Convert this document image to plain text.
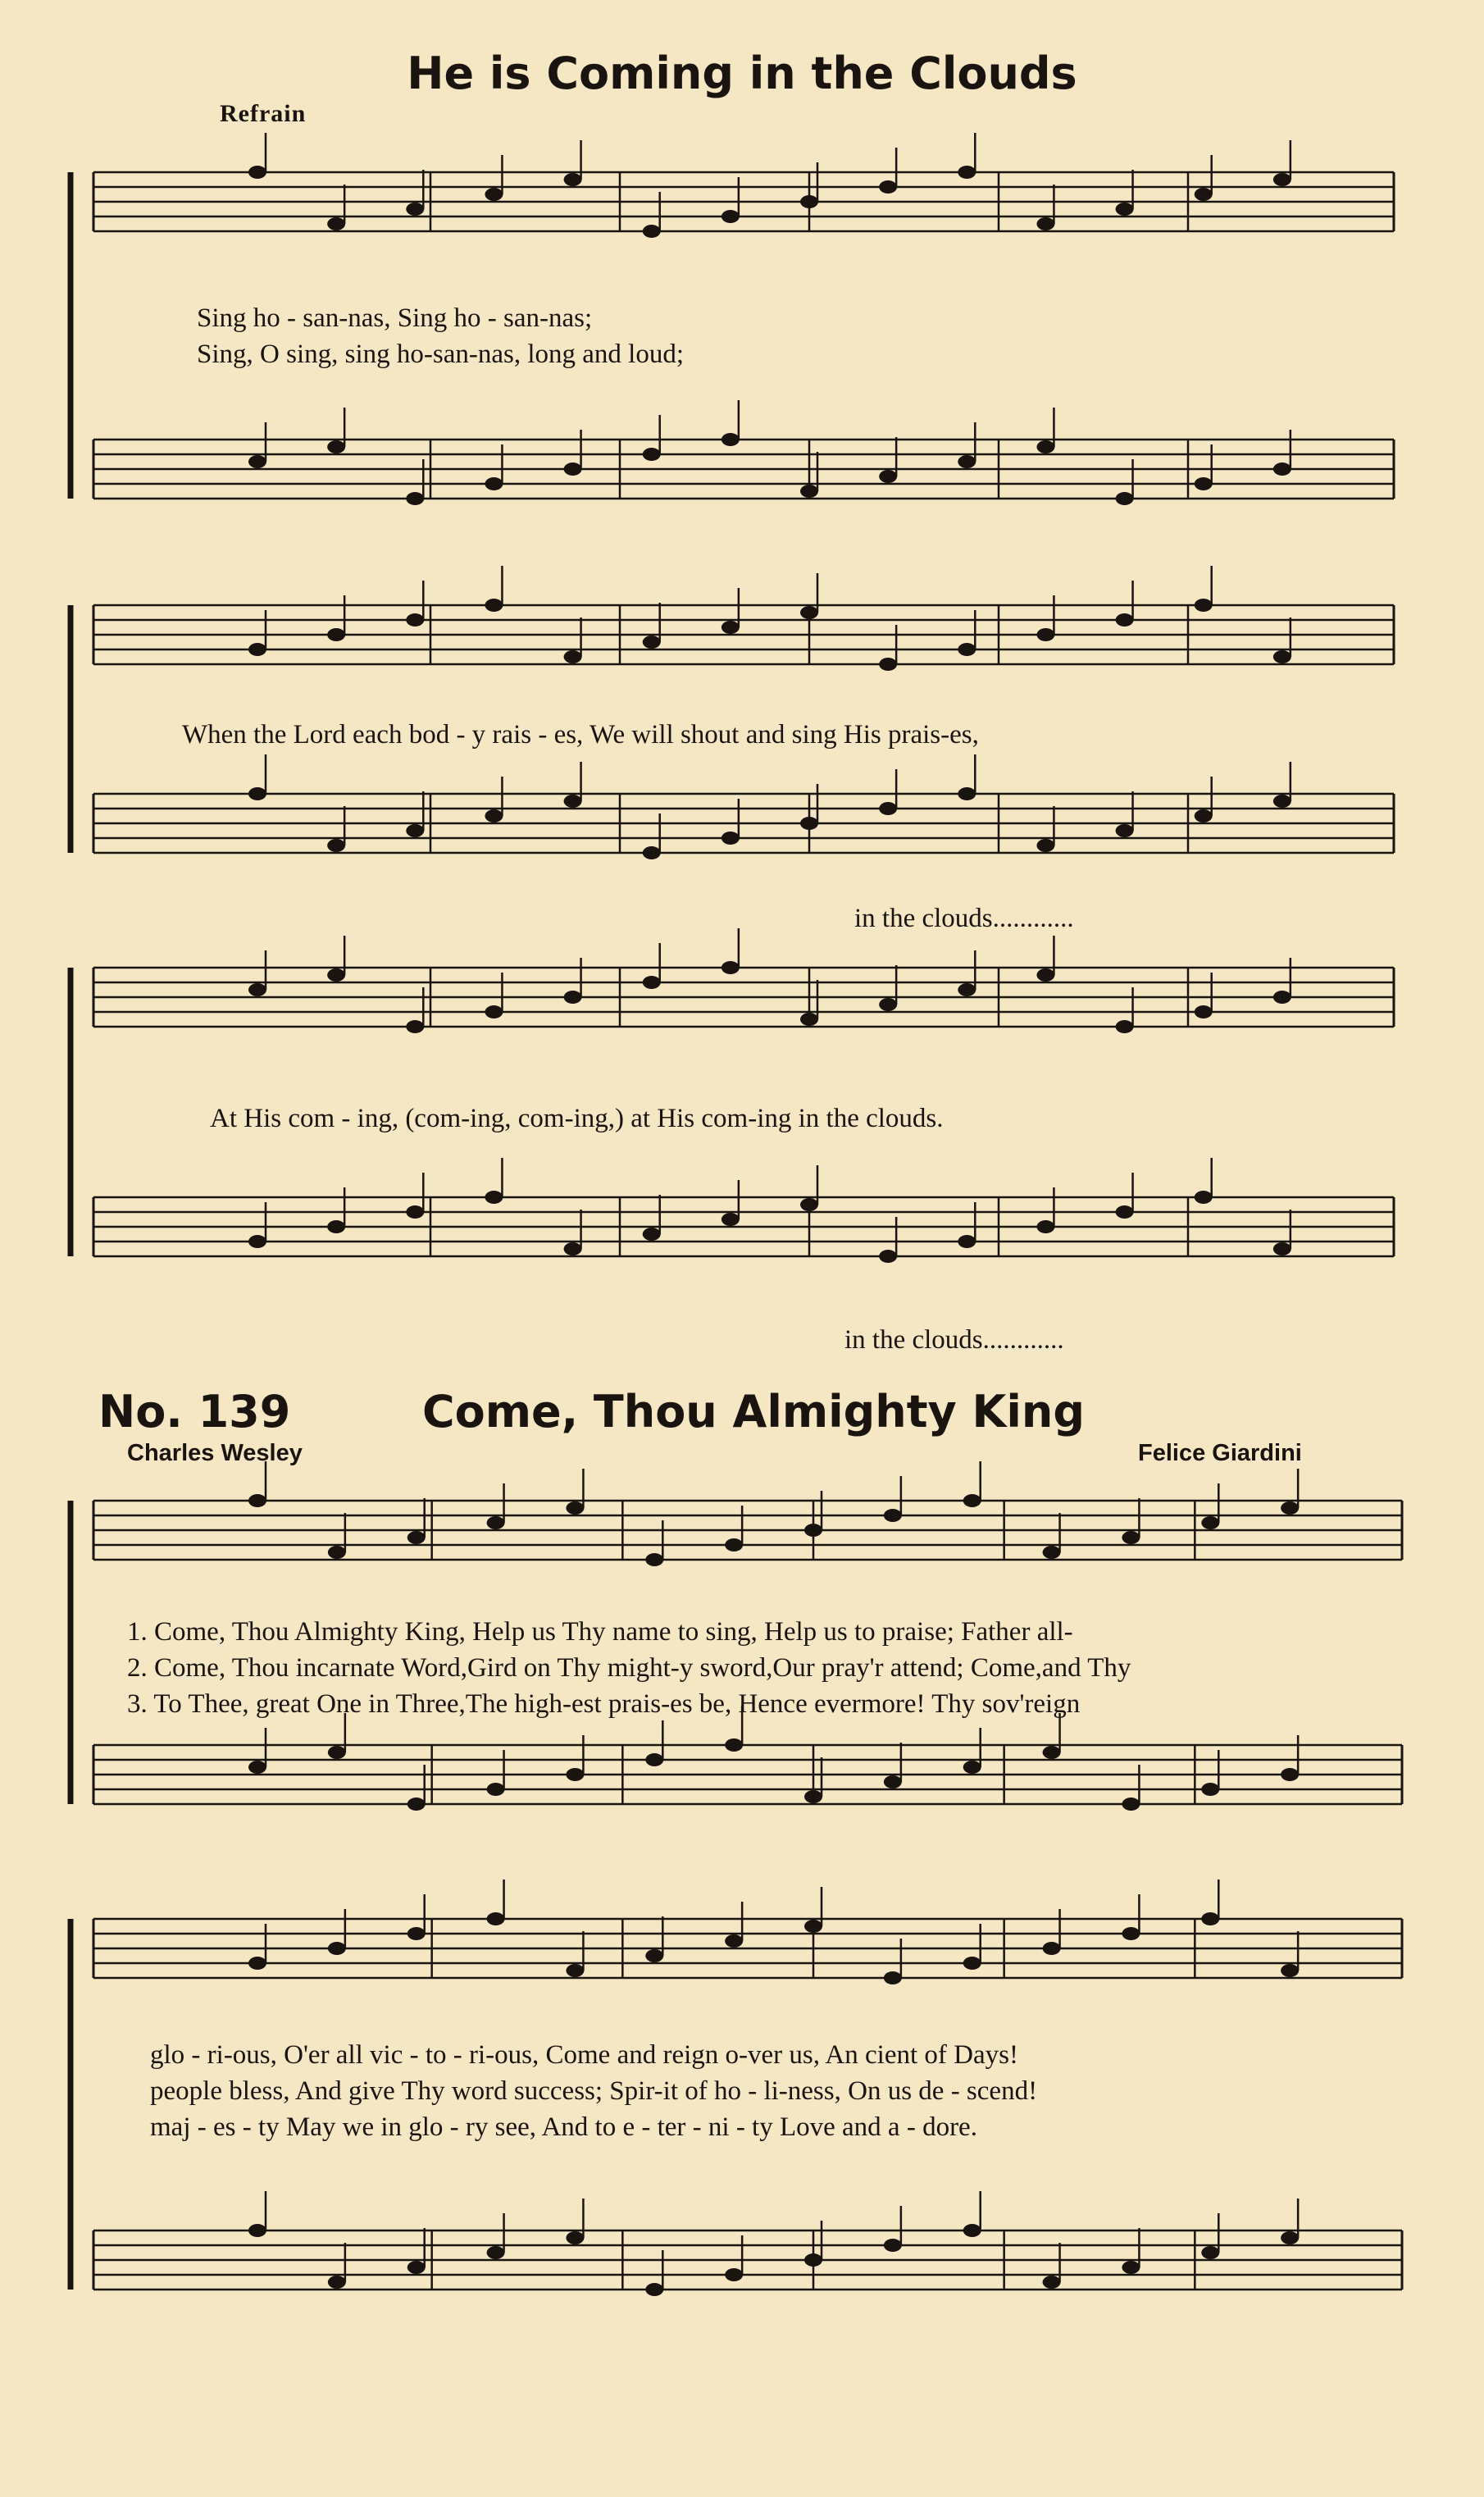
He is Coming in the Clouds
Refrain
Sing ho - san-nas, Sing ho - san-nas;
Sing, O sing, sing ho-san-nas, long and loud;
When the Lord each bod - y rais - es, We will shout and sing His prais-es,
in the clouds............
At His com - ing, (com-ing, com-ing,) at His com-ing in the clouds.
in the clouds............
No. 139	Come, Thou Almighty King
Charles Wesley	Felice Giardini
1. Come, Thou Almighty King, Help us Thy name to sing, Help us to praise; Father all-
2. Come, Thou incarnate Word,Gird on Thy might-y sword,Our pray'r attend; Come,and Thy
3. To Thee, great One in Three,The high-est prais-es be, Hence evermore! Thy sov'reign
glo - ri-ous, O'er all vic - to - ri-ous, Come and reign o-ver us, An cient of Days!
people bless, And give Thy word success; Spir-it of ho - li-ness, On us de - scend!
maj - es - ty May we in glo - ry see, And to e - ter - ni - ty Love and a - dore.
